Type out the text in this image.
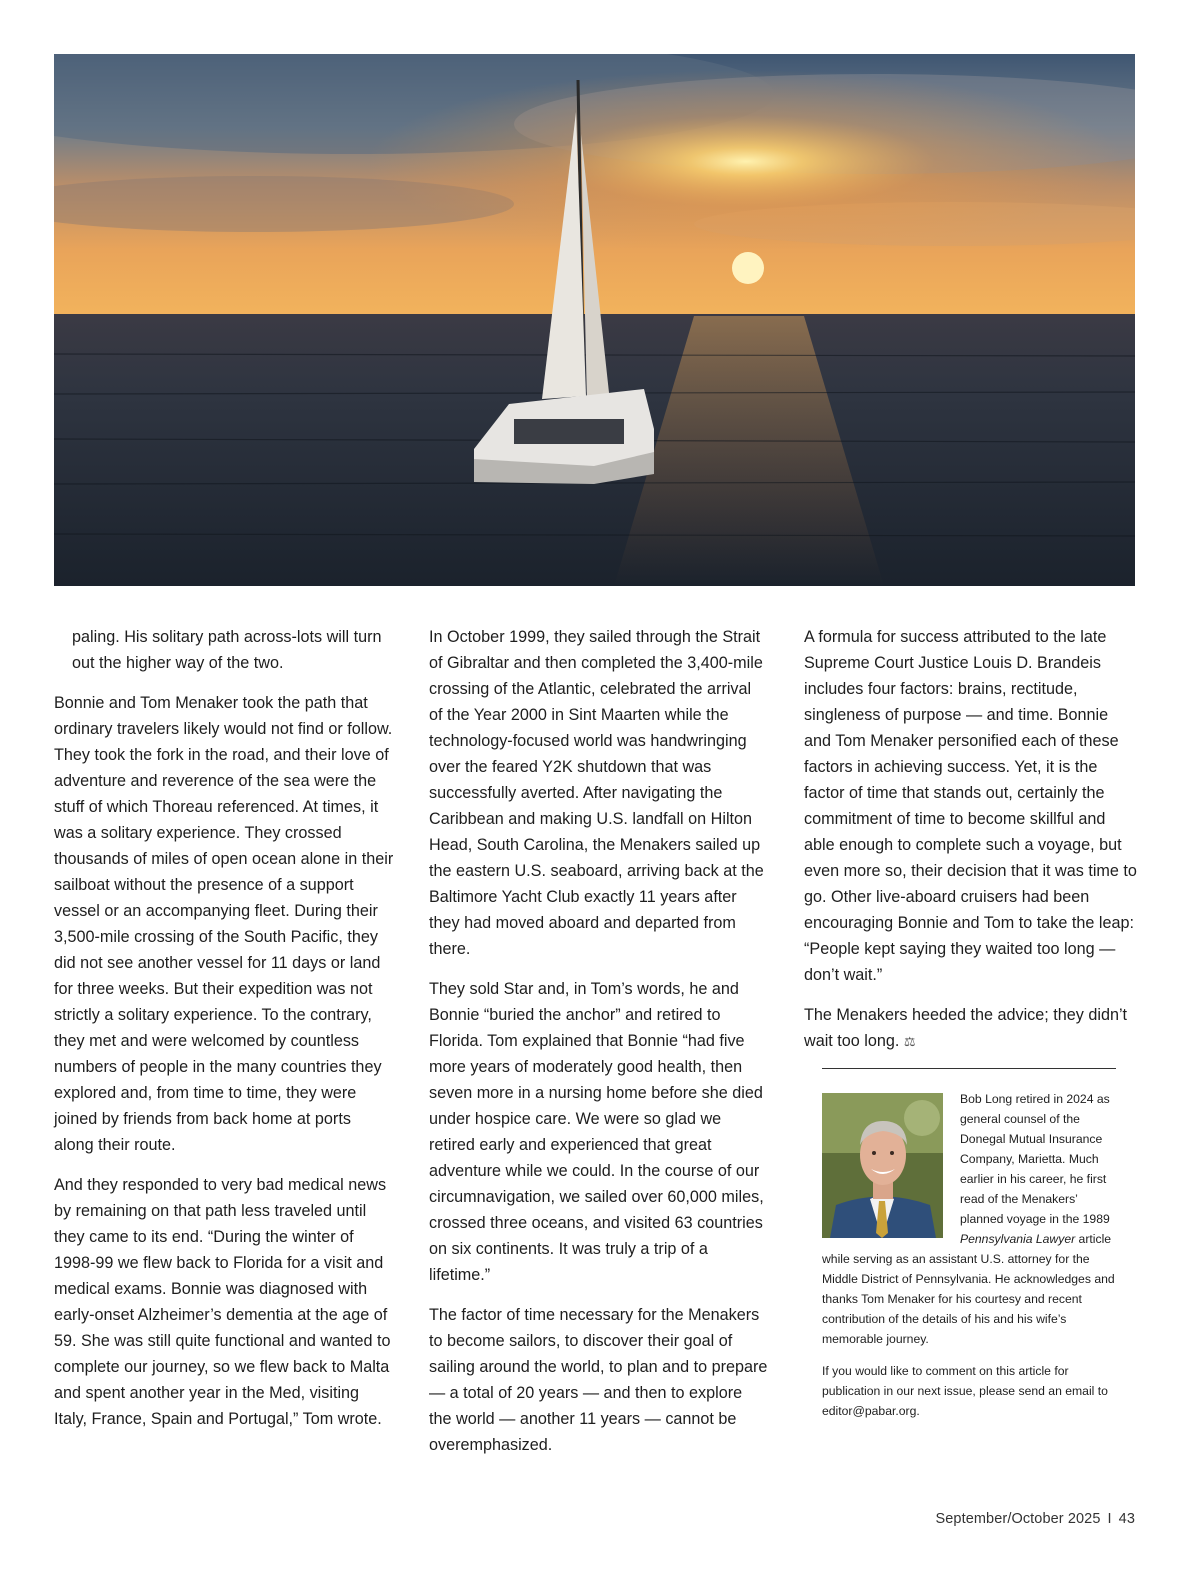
paling. His solitary path across-lots will turn out the higher way of the two.

Bonnie and Tom Menaker took the path that ordinary travelers likely would not find or follow. They took the fork in the road, and their love of adventure and reverence of the sea were the stuff of which Thoreau referenced. At times, it was a solitary experience. They crossed thousands of miles of open ocean alone in their sailboat without the presence of a support vessel or an accompanying fleet. During their 3,500-mile crossing of the South Pacific, they did not see another vessel for 11 days or land for three weeks. But their expedition was not strictly a solitary experience. To the contrary, they met and were welcomed by countless numbers of people in the many countries they explored and, from time to time, they were joined by friends from back home at ports along their route.

And they responded to very bad medical news by remaining on that path less traveled until they came to its end. “During the winter of 1998-99 we flew back to Florida for a visit and medical exams. Bonnie was diagnosed with early-onset Alzheimer’s dementia at the age of 59. She was still quite functional and wanted to complete our journey, so we flew back to Malta and spent another year in the Med, visiting Italy, France, Spain and Portugal,” Tom wrote.

In October 1999, they sailed through the Strait of Gibraltar and then completed the 3,400-mile crossing of the Atlantic, celebrated the arrival of the Year 2000 in Sint Maarten while the technology-focused world was handwringing over the feared Y2K shutdown that was successfully averted. After navigating the Caribbean and making U.S. landfall on Hilton Head, South Carolina, the Menakers sailed up the eastern U.S. seaboard, arriving back at the Baltimore Yacht Club exactly 11 years after they had moved aboard and departed from there.

They sold Star and, in Tom’s words, he and Bonnie “buried the anchor” and retired to Florida. Tom explained that Bonnie “had five more years of moderately good health, then seven more in a nursing home before she died under hospice care. We were so glad we retired early and experienced that great adventure while we could. In the course of our circumnavigation, we sailed over 60,000 miles, crossed three oceans, and visited 63 countries on six continents. It was truly a trip of a lifetime.”

The factor of time necessary for the Menakers to become sailors, to discover their goal of sailing around the world, to plan and to prepare — a total of 20 years — and then to explore the world — another 11 years — cannot be overemphasized.

A formula for success attributed to the late Supreme Court Justice Louis D. Brandeis includes four factors: brains, rectitude, singleness of purpose — and time. Bonnie and Tom Menaker personified each of these factors in achieving success. Yet, it is the factor of time that stands out, certainly the commitment of time to become skillful and able enough to complete such a voyage, but even more so, their decision that it was time to go. Other live-aboard cruisers had been encouraging Bonnie and Tom to take the leap: “People kept saying they waited too long — don’t wait.”

The Menakers heeded the advice; they didn’t wait too long. ⚖

Bob Long retired in 2024 as general counsel of the Donegal Mutual Insurance Company, Marietta. Much earlier in his career, he first read of the Menakers’ planned voyage in the 1989 Pennsylvania Lawyer article while serving as an assistant U.S. attorney for the Middle District of Pennsylvania. He acknowledges and thanks Tom Menaker for his courtesy and recent contribution of the details of his and his wife’s memorable journey.

If you would like to comment on this article for publication in our next issue, please send an email to editor@pabar.org.

September/October 2025 I 43
